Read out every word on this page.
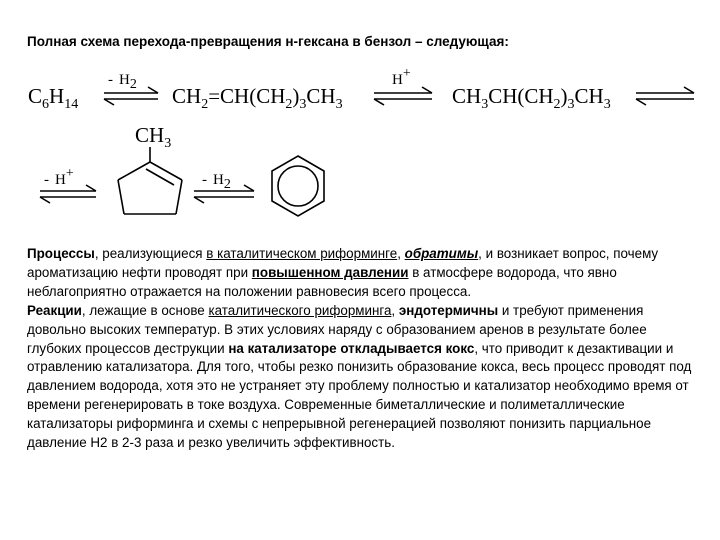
Полная схема перехода-превращения н-гексана в бензол – следующая:
$C_6H_{14}$
- H2 $CH_2=CH(CH_2)_3CH_3$
H+
$CH_3CH(CH_2)_3CH_3$
- H+
$CH_3$
- H2

Процессы, реализующиеся в каталитическом риформинге, обратимы, и возникает вопрос, почему ароматизацию нефти проводят при повышенном давлении в атмосфере водорода, что явно неблагоприятно отражается на положении равновесия всего процесса.

Реакции, лежащие в основе каталитического риформинга, эндотермичны и требуют применения довольно высоких температур. В этих условиях наряду с образованием аренов в результате более глубоких процессов деструкции на катализаторе откладывается кокс, что приводит к дезактивации и отравлению катализатора. Для того, чтобы резко понизить образование кокса, весь процесс проводят под давлением водорода, хотя это не устраняет эту проблему полностью и катализатор необходимо время от времени регенерировать в токе воздуха. Современные биметаллические и полиметаллические катализаторы риформинга и схемы с непрерывной регенерацией позволяют понизить парциальное давление Н2 в 2-3 раза и резко увеличить эффективность.
